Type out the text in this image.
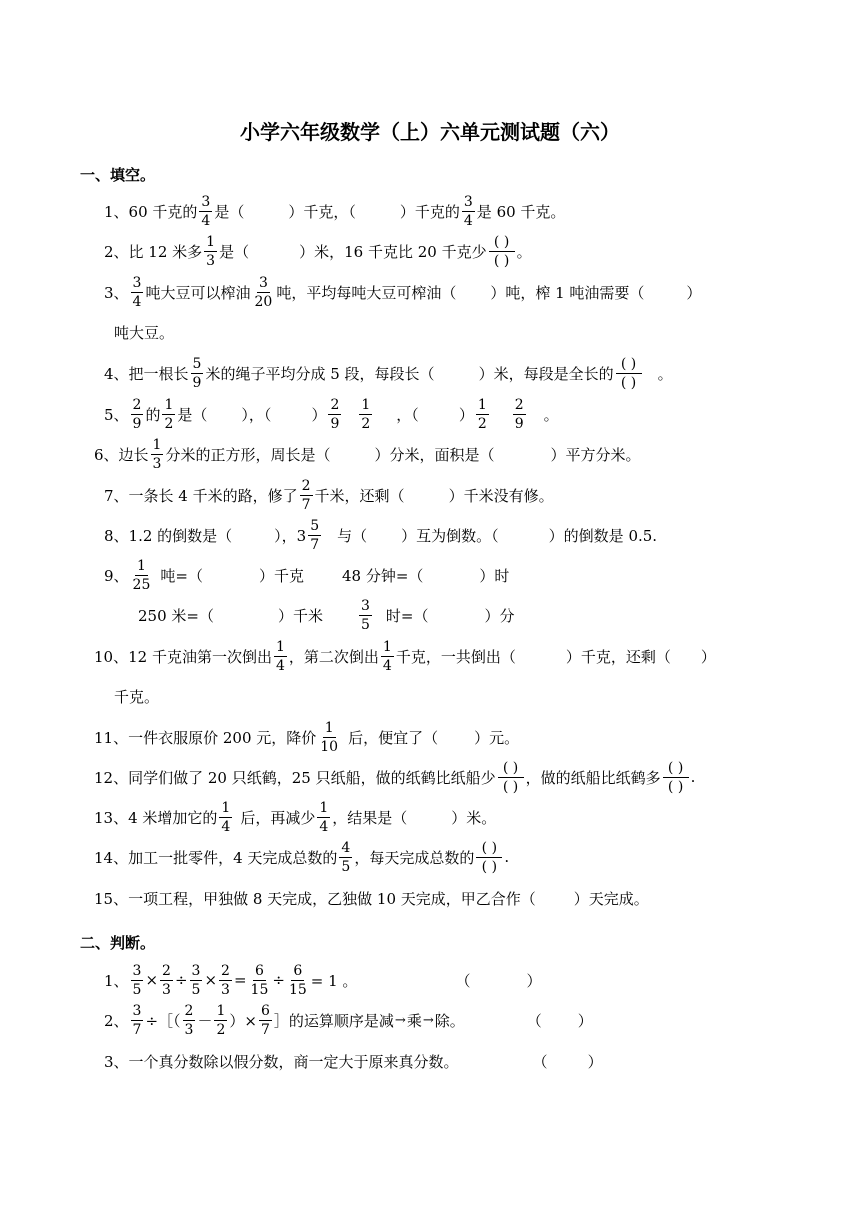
小学六年级数学（上）六单元测试题（六）
一、填空。
1、60 千克的 $\frac{3}{4}$ 是（	）千克，（	）千克的 $\frac{3}{4}$ 是 60 千克。
2、比 12 米多 $\frac{1}{3}$ 是（	）米，16 千克比 20 千克少 $\frac{( )}{( )}$ 。
3、 $\frac{3}{4}$ 吨大豆可以榨油 $\frac{3}{20}$ 吨，平均每吨大豆可榨油（ ）吨，榨 1 吨油需要（	）
吨大豆。
4、把一根长 $\frac{5}{9}$ 米的绳子平均分成 5 段，每段长（	）米，每段是全长的 $\frac{( )}{( )}$ 。
5、 $\frac{2}{9}$ 的 $\frac{1}{2}$ 是（ ），（	） $\frac{2}{9} \frac{1}{2}$ ，（	） $\frac{1}{2} \frac{2}{9}$ 。
6、边长 $\frac{1}{3}$ 分米的正方形，周长是（	）分米，面积是（	）平方分米。
7、一条长 4 千米的路，修了 $\frac{2}{7}$ 千米，还剩（	）千米没有修。
8、1.2 的倒数是（	），$3 \frac{5}{7}$ 与（ ）互为倒数。（	）的倒数是 0.5.
9、 $\frac{1}{25}$ 吨=（	）千克	48 分钟=（	）时
250 米=（	）千米	$\frac{3}{5}$ 时=（	）分
10、12 千克油第一次倒出 $\frac{1}{4}$ ，第二次倒出 $\frac{1}{4}$ 千克，一共倒出（	）千克，还剩（ ）
千克。
11、一件衣服原价 200 元，降价 $\frac{1}{10}$ 后，便宜了（ ）元。
12、同学们做了 20 只纸鹤，25 只纸船，做的纸鹤比纸船少 $\frac{( )}{( )}$ ，做的纸船比纸鹤多 $\frac{( )}{( )}$ .
13、4 米增加它的 $\frac{1}{4}$ 后，再减少 $\frac{1}{4}$ ，结果是（	）米。
14、加工一批零件，4 天完成总数的 $\frac{4}{5}$ ，每天完成总数的 $\frac{( )}{( )}$ .
15、一项工程，甲独做 8 天完成，乙独做 10 天完成，甲乙合作（	）天完成。
二、判断。
1、 $\frac{3}{5} \times \frac{2}{3} \div \frac{3}{5} \times \frac{2}{3} = \frac{6}{15} \div \frac{6}{15} = 1$ 。	（	）
2、 $\frac{3}{7}$ ÷［（ $\frac{2}{3} - \frac{1}{2}$ ）× $\frac{6}{7}$ ］的运算顺序是减 → 乘 → 除。	（ ）
3、一个真分数除以假分数，商一定大于原来真分数。	（	）
